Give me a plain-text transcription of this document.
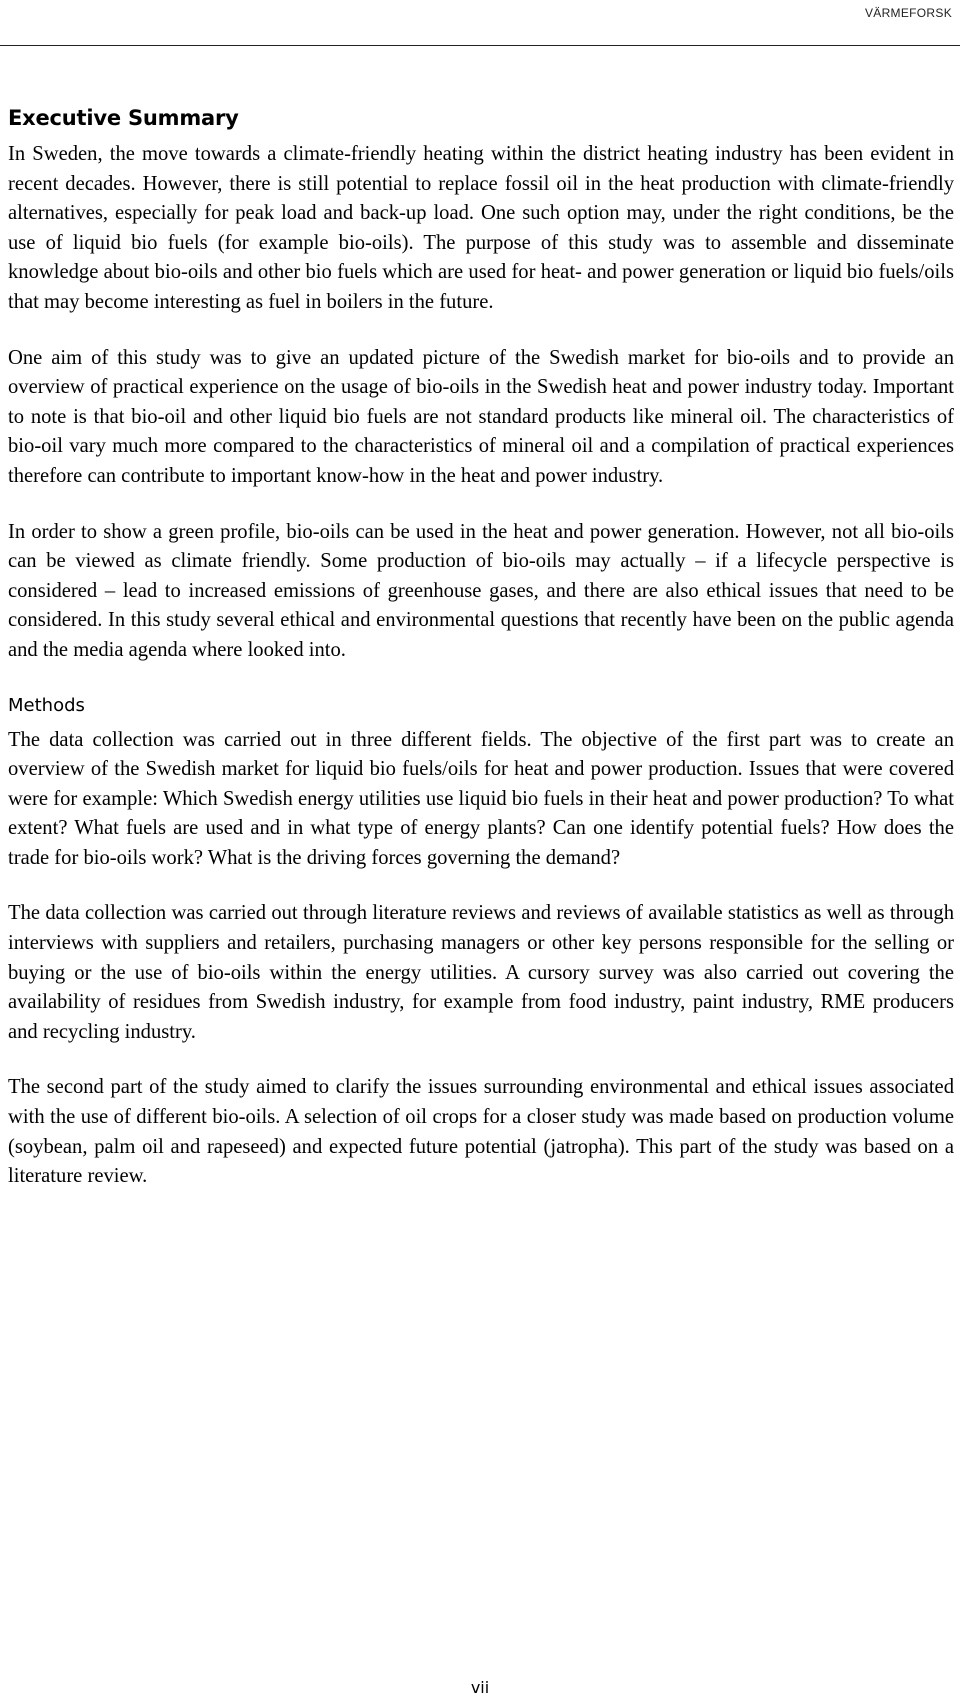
VÄRMEFORSK
Executive Summary

In Sweden, the move towards a climate-friendly heating within the district heating industry has been evident in recent decades. However, there is still potential to replace fossil oil in the heat production with climate-friendly alternatives, especially for peak load and back-up load. One such option may, under the right conditions, be the use of liquid bio fuels (for example bio-oils). The purpose of this study was to assemble and disseminate knowledge about bio-oils and other bio fuels which are used for heat- and power generation or liquid bio fuels/oils that may become interesting as fuel in boilers in the future.

One aim of this study was to give an updated picture of the Swedish market for bio-oils and to provide an overview of practical experience on the usage of bio-oils in the Swedish heat and power industry today. Important to note is that bio-oil and other liquid bio fuels are not standard products like mineral oil. The characteristics of bio-oil vary much more compared to the characteristics of mineral oil and a compilation of practical experiences therefore can contribute to important know-how in the heat and power industry.

In order to show a green profile, bio-oils can be used in the heat and power generation. However, not all bio-oils can be viewed as climate friendly. Some production of bio-oils may actually – if a lifecycle perspective is considered – lead to increased emissions of greenhouse gases, and there are also ethical issues that need to be considered. In this study several ethical and environmental questions that recently have been on the public agenda and the media agenda where looked into.

Methods

The data collection was carried out in three different fields. The objective of the first part was to create an overview of the Swedish market for liquid bio fuels/oils for heat and power production. Issues that were covered were for example: Which Swedish energy utilities use liquid bio fuels in their heat and power production? To what extent? What fuels are used and in what type of energy plants? Can one identify potential fuels? How does the trade for bio-oils work? What is the driving forces governing the demand?

The data collection was carried out through literature reviews and reviews of available statistics as well as through interviews with suppliers and retailers, purchasing managers or other key persons responsible for the selling or buying or the use of bio-oils within the energy utilities. A cursory survey was also carried out covering the availability of residues from Swedish industry, for example from food industry, paint industry, RME producers and recycling industry.

The second part of the study aimed to clarify the issues surrounding environmental and ethical issues associated with the use of different bio-oils. A selection of oil crops for a closer study was made based on production volume (soybean, palm oil and rapeseed) and expected future potential (jatropha). This part of the study was based on a literature review.

vii
